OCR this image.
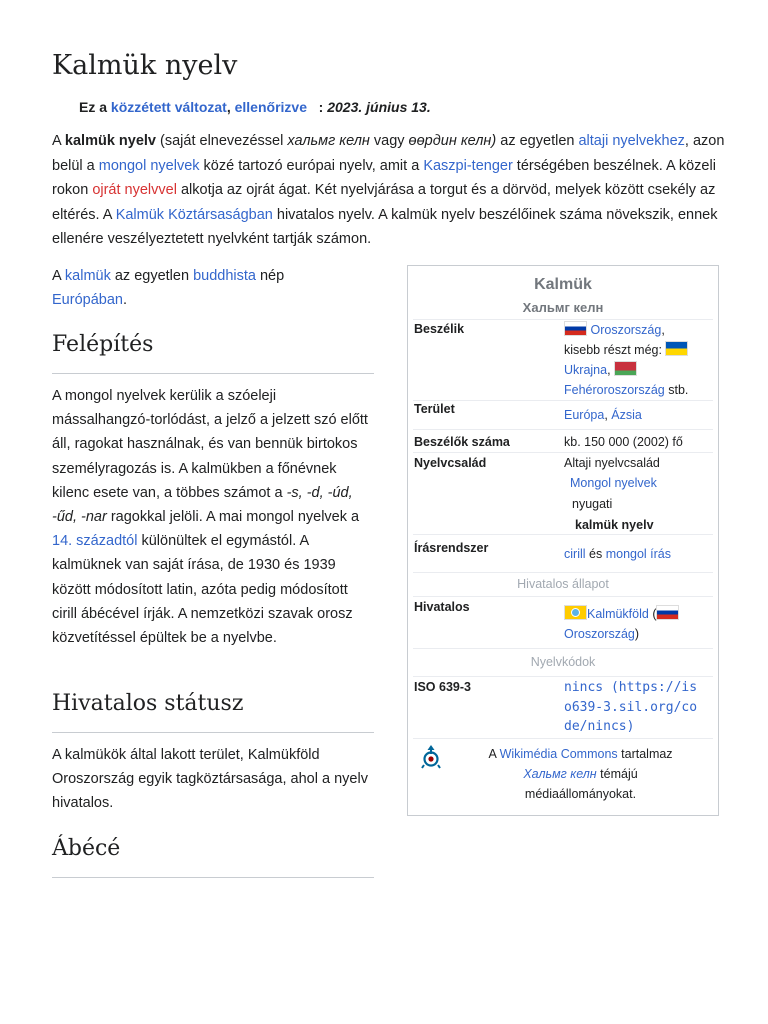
Kalmük nyelv
Ez a közzétett változat, ellenőrizve : 2023. június 13.
A kalmük nyelv (saját elnevezéssel хальмг келн vagy өөрдин келн) az egyetlen altaji nyelvekhez, azon belül a mongol nyelvek közé tartozó európai nyelv, amit a Kaszpi-tenger térségében beszélnek. A közeli rokon ojrát nyelvvel alkotja az ojrát ágat. Két nyelvjárása a torgut és a dörvöd, melyek között csekély az eltérés. A Kalmük Köztársaságban hivatalos nyelv. A kalmük nyelv beszélőinek száma növekszik, ennek ellenére veszélyeztetett nyelvként tartják számon.
A kalmük az egyetlen buddhista nép
Európában.
Felépítés
A mongol nyelvek kerülik a szóeleji mássalhangzó-torlódást, a jelző a jelzett szó előtt áll, ragokat használnak, és van bennük birtokos személyragozás is. A kalmükben a főnévnek kilenc esete van, a többes számot a -s, -d, -úd, -űd, -nar ragokkal jelöli. A mai mongol nyelvek a 14. századtól különültek el egymástól. A kalmüknek van saját írása, de 1930 és 1939 között módosított latin, azóta pedig módosított cirill ábécével írják. A nemzetközi szavak orosz közvetítéssel épültek be a nyelvbe.
Hivatalos státusz
A kalmükök által lakott terület, Kalmükföld Oroszország egyik tagköztársasága, ahol a nyelv hivatalos.
Ábécé
Kalmük
Хальмг келн
Beszélik	Oroszország,
kisebb részt még:
Ukrajna,
Fehéroroszország stb.
Terület	Európa, Ázsia
Beszélők száma	kb. 150 000 (2002) fő
Nyelvcsalád	Altaji nyelvcsalád
Mongol nyelvek
nyugati
kalmük nyelv
Írásrendszer	cirill és mongol írás
Hivatalos állapot
Hivatalos	Kalmükföld (
Oroszország)
Nyelvkódok
ISO 639-3	nincs (https://is
o639-3.sil.org/co
de/nincs)
A Wikimédia Commons tartalmaz
Хальмг келн témájú
médiaállományokat.
